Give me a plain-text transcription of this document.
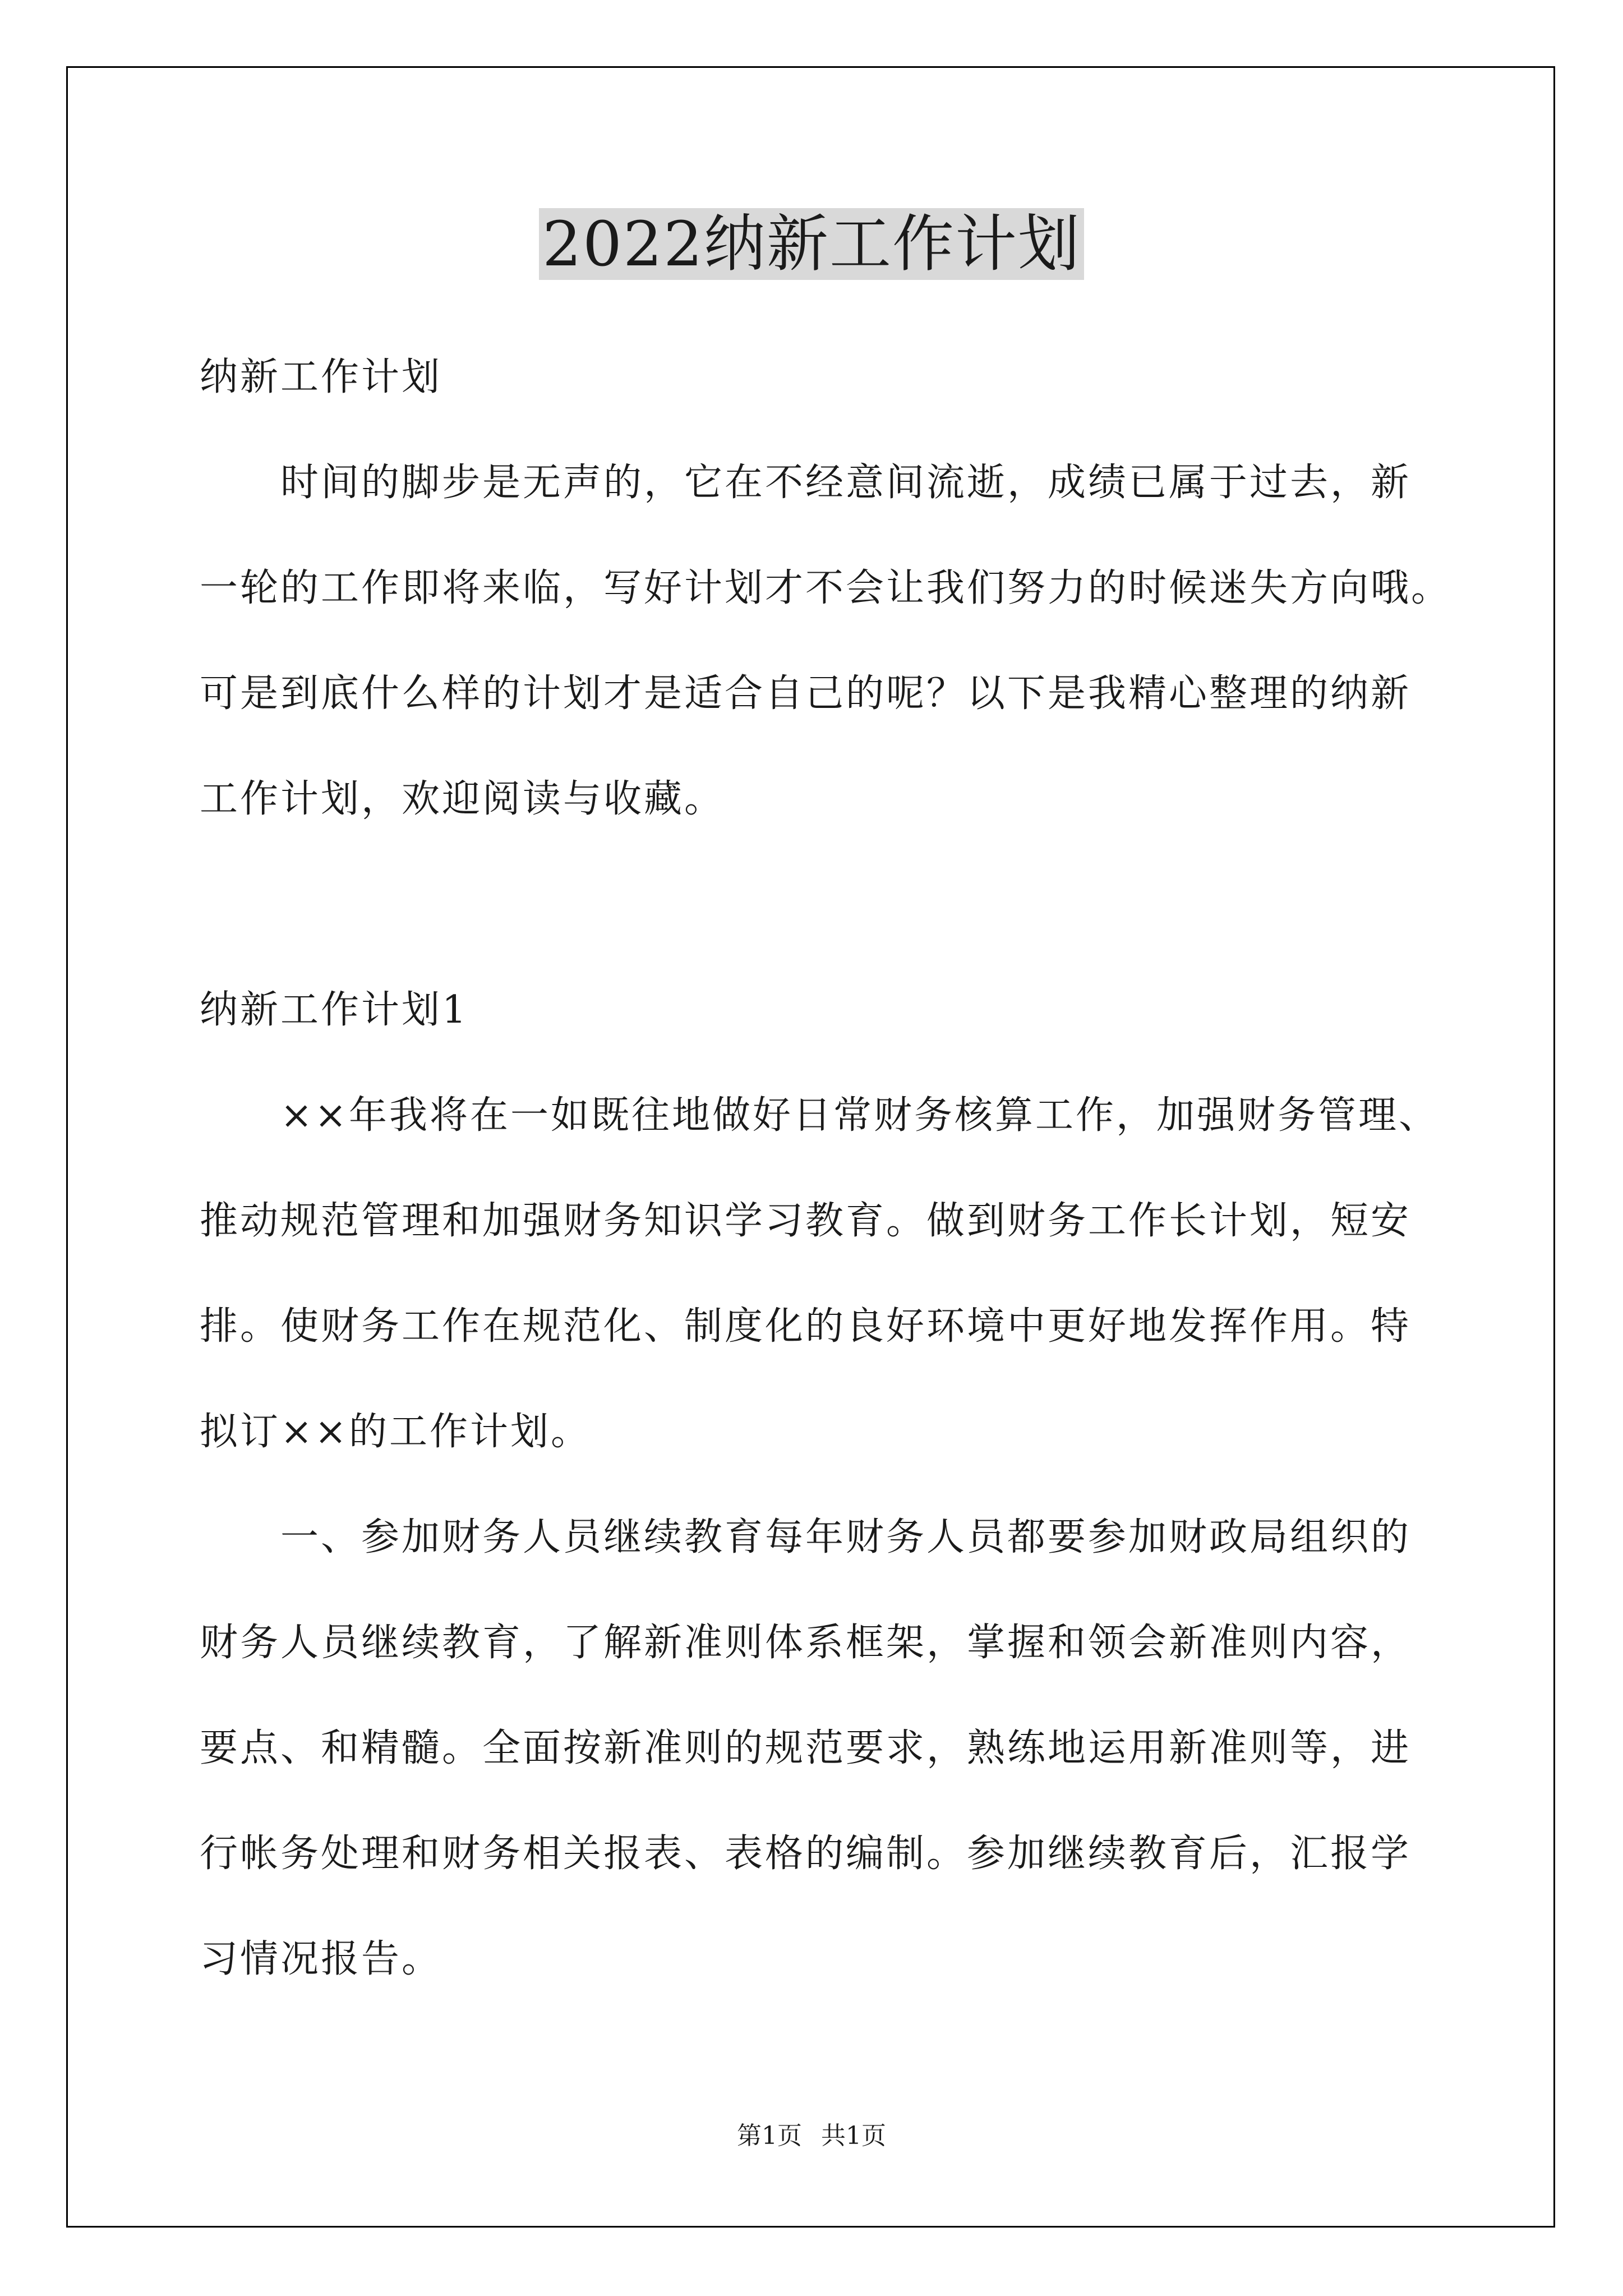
2022纳新工作计划
纳新工作计划
　　时间的脚步是无声的，它在不经意间流逝，成绩已属于过去，新
一轮的工作即将来临，写好计划才不会让我们努力的时候迷失方向哦。
可是到底什么样的计划才是适合自己的呢？以下是我精心整理的纳新
工作计划，欢迎阅读与收藏。
纳新工作计划1
　　××年我将在一如既往地做好日常财务核算工作，加强财务管理、
推动规范管理和加强财务知识学习教育。做到财务工作长计划，短安
排。使财务工作在规范化、制度化的良好环境中更好地发挥作用。特
拟订××的工作计划。
　　一、参加财务人员继续教育每年财务人员都要参加财政局组织的
财务人员继续教育，了解新准则体系框架，掌握和领会新准则内容，
要点、和精髓。全面按新准则的规范要求，熟练地运用新准则等，进
行帐务处理和财务相关报表、表格的编制。参加继续教育后，汇报学
习情况报告。
第1页 共1页
